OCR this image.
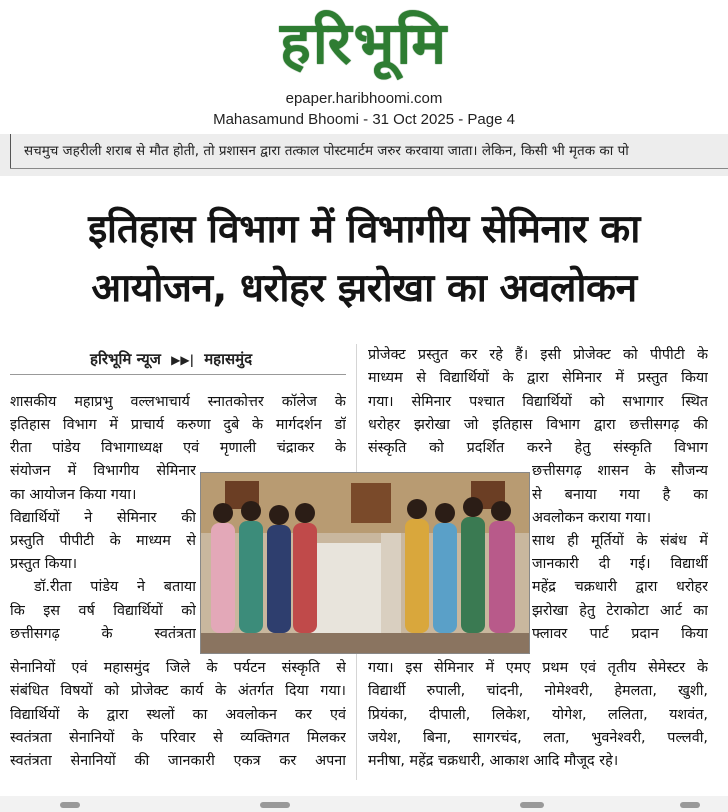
हरिभूमि
epaper.haribhoomi.com
Mahasamund Bhoomi - 31 Oct 2025 - Page 4
सचमुच जहरीली शराब से मौत होती, तो प्रशासन द्वारा तत्काल पोस्टमार्टम जरुर करवाया जाता। लेकिन, किसी भी मृतक का पो
इतिहास विभाग में विभागीय सेमिनार का
आयोजन, धरोहर झरोखा का अवलोकन
हरिभूमि न्यूज ▶▶| महासमुंद
शासकीय महाप्रभु वल्लभाचार्य स्नातकोत्तर कॉलेज के
इतिहास विभाग में प्राचार्य करुणा दुबे के मार्गदर्शन डॉ
रीता पांडेय विभागाध्यक्ष एवं मृणाली चंद्राकर के
संयोजन में विभागीय सेमिनार
का आयोजन किया गया।
विद्यार्थियों ने सेमिनार की
प्रस्तुति पीपीटी के माध्यम से
प्रस्तुत किया।
डॉ.रीता पांडेय ने बताया
कि इस वर्ष विद्यार्थियों को
छत्तीसगढ़ के स्वतंत्रता
सेनानियों एवं महासमुंद जिले के पर्यटन संस्कृति से
संबंधित विषयों को प्रोजेक्ट कार्य के अंतर्गत दिया गया।
विद्यार्थियों के द्वारा स्थलों का अवलोकन कर एवं
स्वतंत्रता सेनानियों के परिवार से व्यक्तिगत मिलकर
स्वतंत्रता सेनानियों की जानकारी एकत्र कर अपना
प्रोजेक्ट प्रस्तुत कर रहे हैं। इसी प्रोजेक्ट को पीपीटी के
माध्यम से विद्यार्थियों के द्वारा सेमिनार में प्रस्तुत किया
गया। सेमिनार पश्चात विद्यार्थियों को सभागार स्थित
धरोहर झरोखा जो इतिहास विभाग द्वारा छत्तीसगढ़ की
संस्कृति को प्रदर्शित करने हेतु संस्कृति विभाग
छत्तीसगढ़ शासन के सौजन्य
से बनाया गया है का
अवलोकन कराया गया।
साथ ही मूर्तियों के संबंध में
जानकारी दी गई। विद्यार्थी
महेंद्र चक्रधारी द्वारा धरोहर
झरोखा हेतु टेराकोटा आर्ट का
फ्लावर पार्ट प्रदान किया
गया। इस सेमिनार में एमए प्रथम एवं तृतीय सेमेस्टर के
विद्यार्थी रुपाली, चांदनी, नोमेश्वरी, हेमलता, खुशी,
प्रियंका, दीपाली, लिकेश, योगेश, ललिता, यशवंत,
जयेश, बिना, सागरचंद, लता, भुवनेश्वरी, पल्लवी,
मनीषा, महेंद्र चक्रधारी, आकाश आदि मौजूद रहे।
